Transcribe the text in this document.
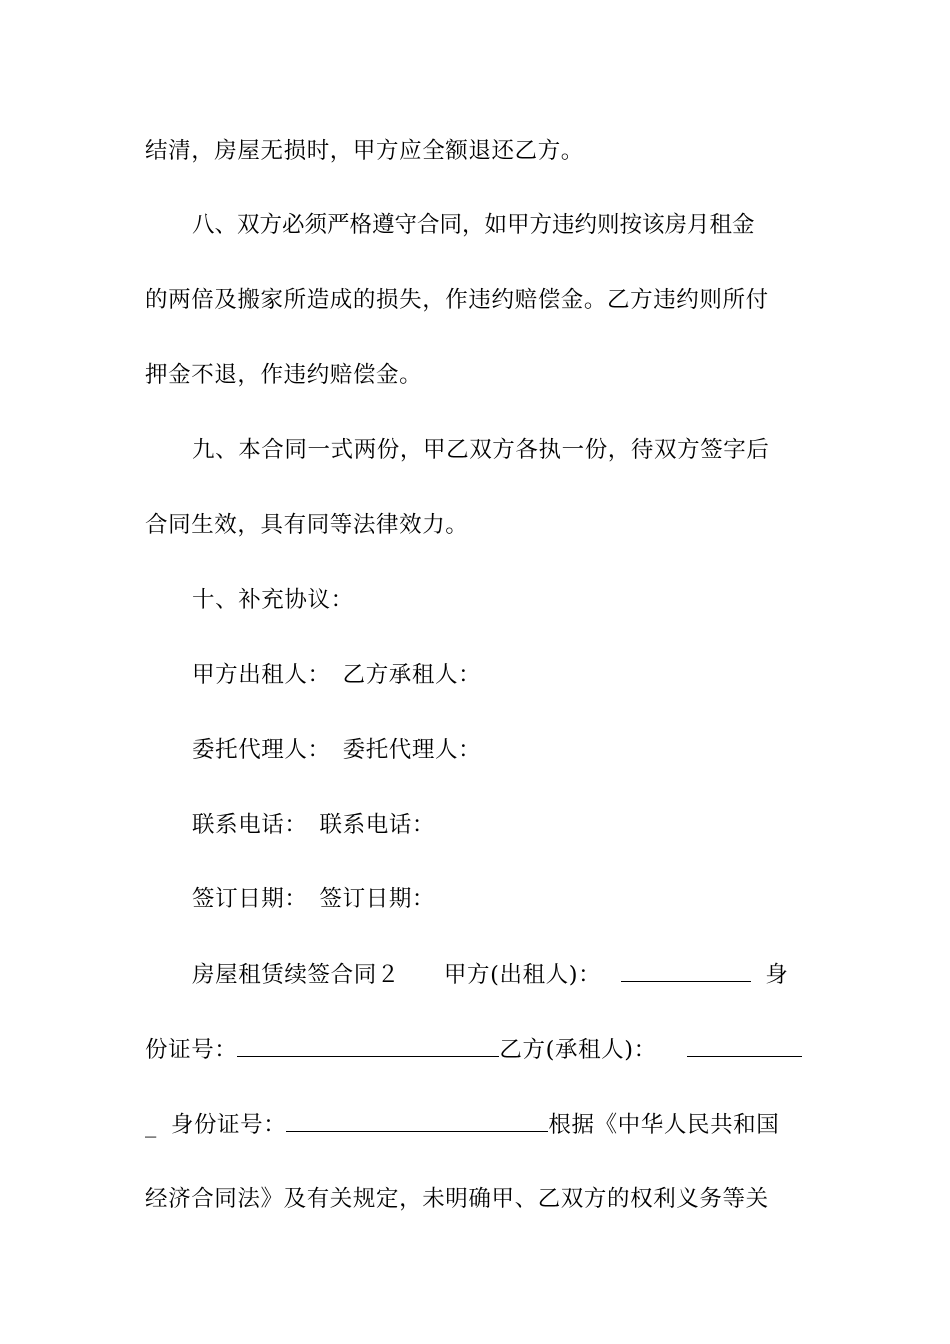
结清，房屋无损时，甲方应全额退还乙方。
八、双方必须严格遵守合同，如甲方违约则按该房月租金
的两倍及搬家所造成的损失，作违约赔偿金。乙方违约则所付
押金不退，作违约赔偿金。
九、本合同一式两份，甲乙双方各执一份，待双方签字后
合同生效，具有同等法律效力。
十、补充协议：
甲方出租人： 乙方承租人：
委托代理人： 委托代理人：
联系电话： 联系电话：
签订日期： 签订日期：
房屋租赁续签合同２ 甲方(出租人)：	身
份证号：	乙方(承租人)：
_ 身份证号：	根据《中华人民共和国
经济合同法》及有关规定，未明确甲、乙双方的权利义务等关
